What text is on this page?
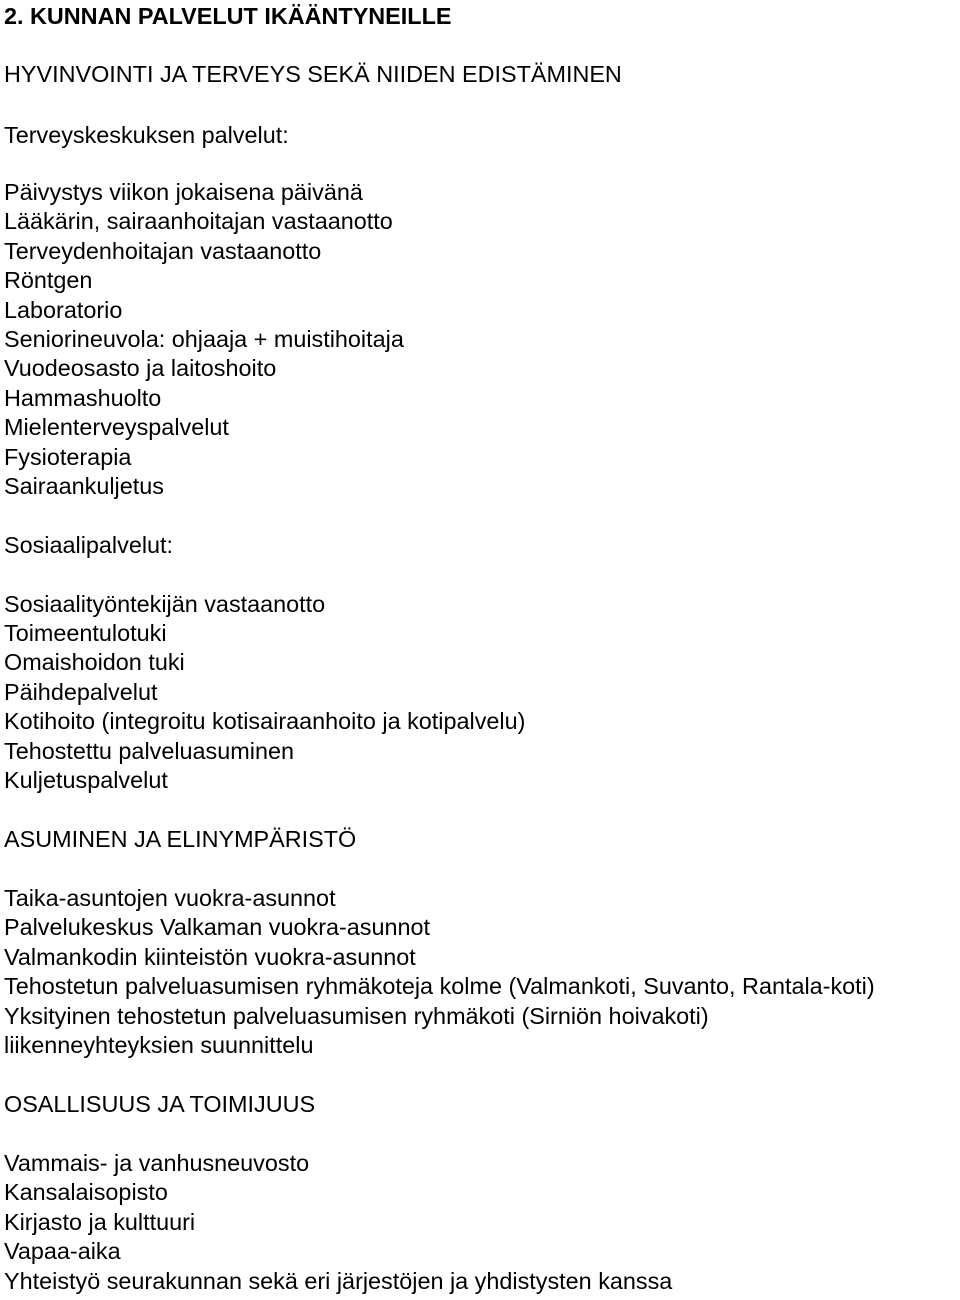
2. KUNNAN PALVELUT IKÄÄNTYNEILLE
HYVINVOINTI JA TERVEYS SEKÄ NIIDEN EDISTÄMINEN
Terveyskeskuksen palvelut:
Päivystys viikon jokaisena päivänä
Lääkärin, sairaanhoitajan vastaanotto
Terveydenhoitajan vastaanotto
Röntgen
Laboratorio
Seniorineuvola: ohjaaja + muistihoitaja
Vuodeosasto ja laitoshoito
Hammashuolto
Mielenterveyspalvelut
Fysioterapia
Sairaankuljetus
Sosiaalipalvelut:
Sosiaalityöntekijän vastaanotto
Toimeentulotuki
Omaishoidon tuki
Päihdepalvelut
Kotihoito (integroitu kotisairaanhoito ja kotipalvelu)
Tehostettu palveluasuminen
Kuljetuspalvelut
ASUMINEN JA ELINYMPÄRISTÖ
Taika-asuntojen vuokra-asunnot
Palvelukeskus Valkaman vuokra-asunnot
Valmankodin kiinteistön vuokra-asunnot
Tehostetun palveluasumisen ryhmäkoteja kolme (Valmankoti, Suvanto, Rantala-koti)
Yksityinen tehostetun palveluasumisen ryhmäkoti (Sirniön hoivakoti)
liikenneyhteyksien suunnittelu
OSALLISUUS JA TOIMIJUUS
Vammais- ja vanhusneuvosto
Kansalaisopisto
Kirjasto ja kulttuuri
Vapaa-aika
Yhteistyö seurakunnan sekä eri järjestöjen ja yhdistysten kanssa
